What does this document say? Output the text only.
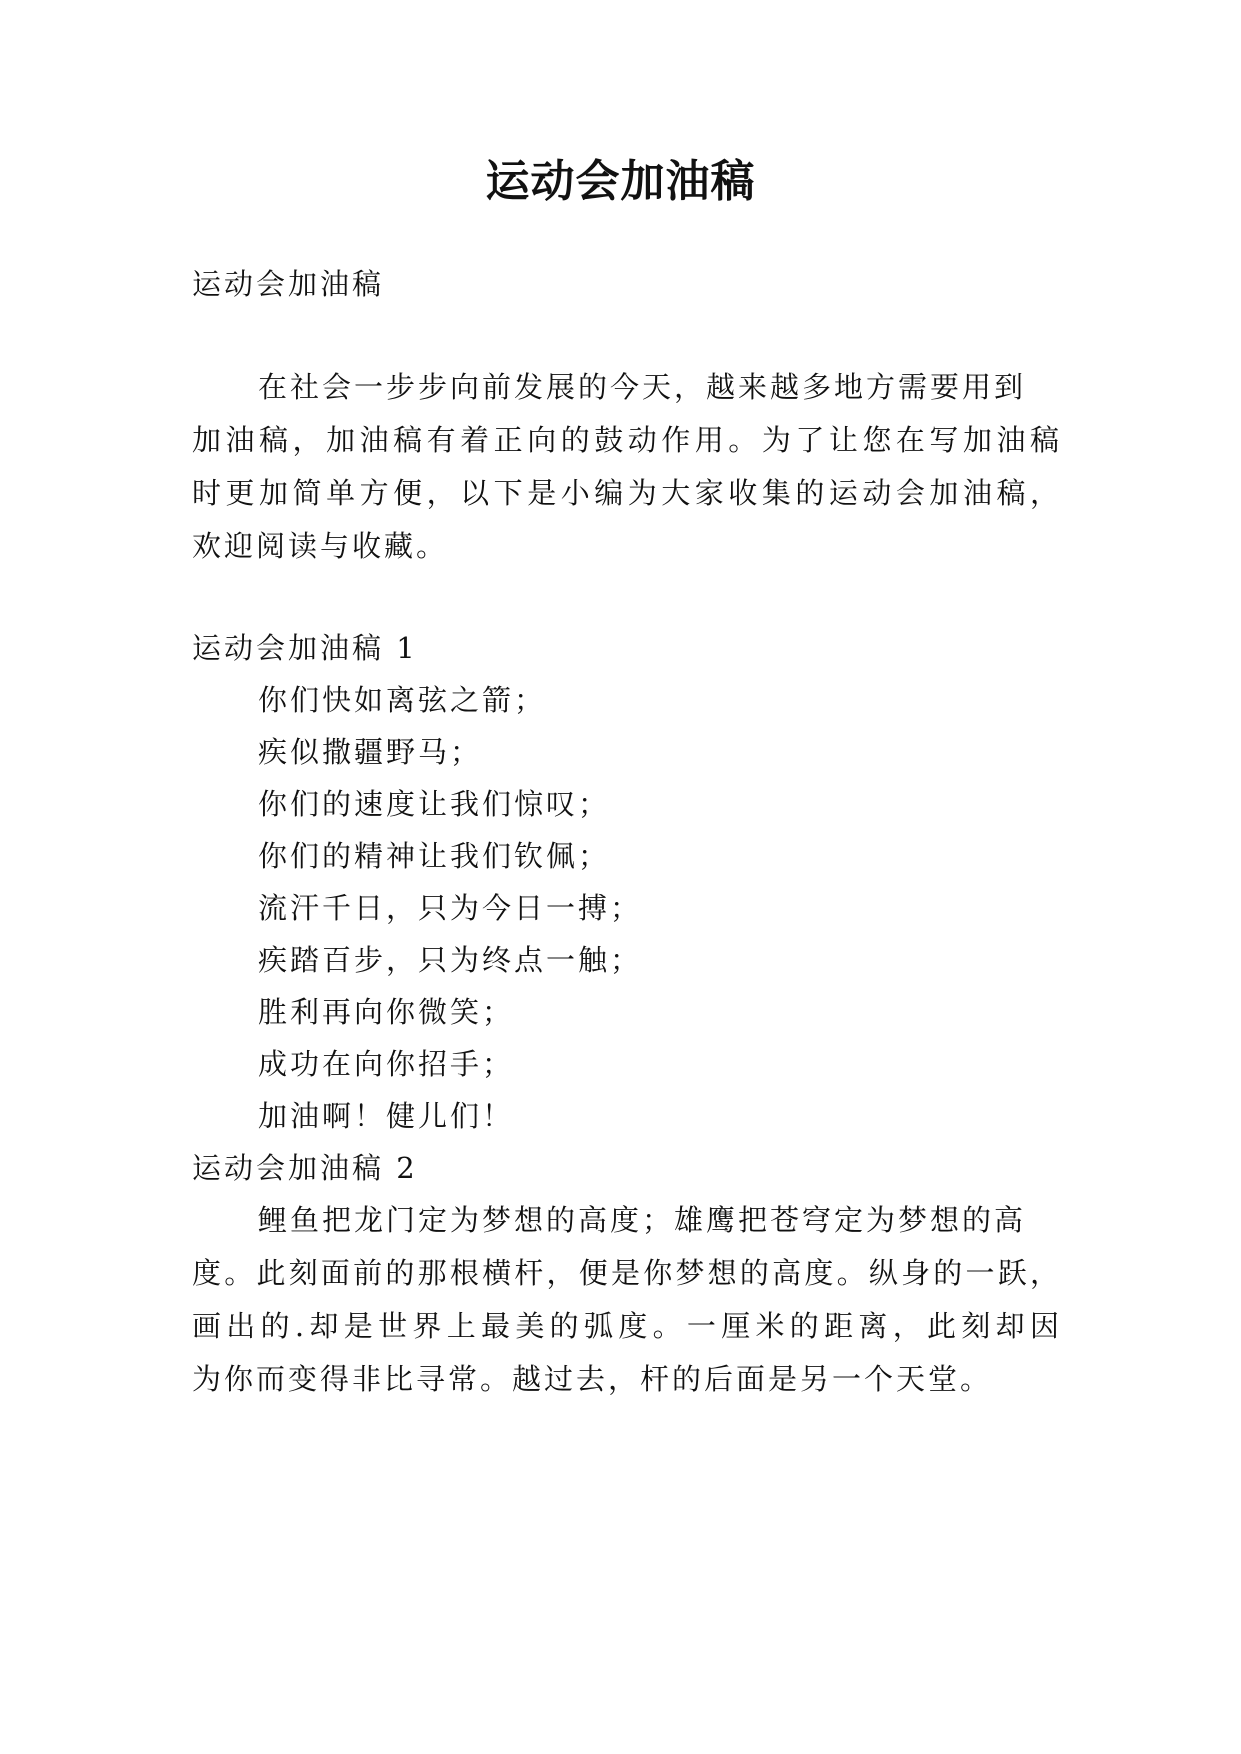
运动会加油稿
运动会加油稿
在社会一步步向前发展的今天，越来越多地方需要用到
加油稿，加油稿有着正向的鼓动作用。为了让您在写加油稿
时更加简单方便，以下是小编为大家收集的运动会加油稿，
欢迎阅读与收藏。
运动会加油稿 1
你们快如离弦之箭；
疾似撒疆野马；
你们的速度让我们惊叹；
你们的精神让我们钦佩；
流汗千日，只为今日一搏；
疾踏百步，只为终点一触；
胜利再向你微笑；
成功在向你招手；
加油啊！健儿们！
运动会加油稿 2
鲤鱼把龙门定为梦想的高度；雄鹰把苍穹定为梦想的高
度。此刻面前的那根横杆，便是你梦想的高度。纵身的一跃，
画出的.却是世界上最美的弧度。一厘米的距离，此刻却因
为你而变得非比寻常。越过去，杆的后面是另一个天堂。
